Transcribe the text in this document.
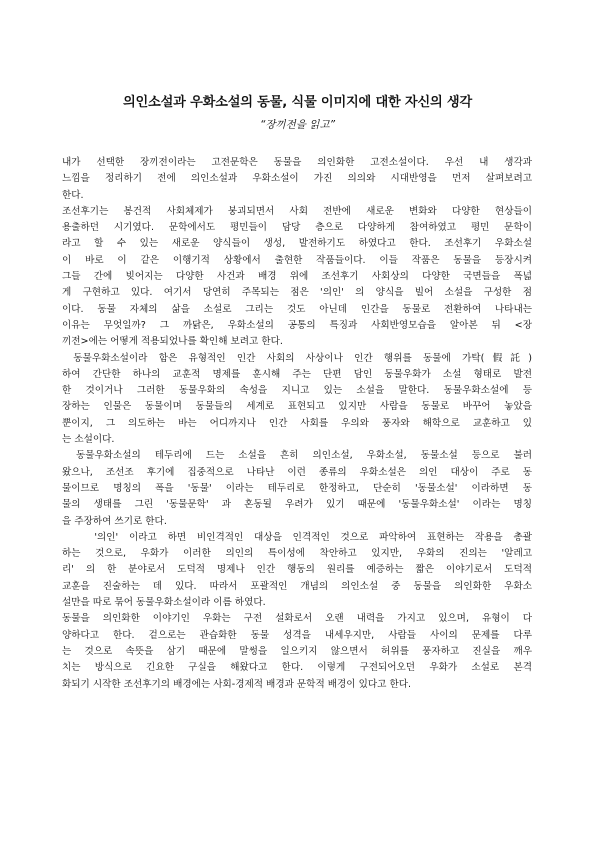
의인소설과 우화소설의 동물, 식물 이미지에 대한 자신의 생각
“장끼전을 읽고”
내가 선택한 장끼전이라는 고전문학은 동물을 의인화한 고전소설이다. 우선 내 생각과
느낌을 정리하기 전에 의인소설과 우화소설이 가진 의의와 시대반영을 먼저 살펴보려고
한다.
조선후기는 봉건적 사회체제가 붕괴되면서 사회 전반에 새로운 변화와 다양한 현상들이
용출하던 시기였다. 문학에서도 평민들이 담당 층으로 다양하게 참여하였고 평민 문학이
라고 할 수 있는 새로운 양식들이 생성, 발전하기도 하였다고 한다. 조선후기 우화소설
이 바로 이 같은 이행기적 상황에서 출현한 작품들이다. 이들 작품은 동물을 등장시켜
그들 간에 빚어지는 다양한 사건과 배경 위에 조선후기 사회상의 다양한 국면들을 폭넓
게 구현하고 있다. 여기서 당연히 주목되는 점은 '의인' 의 양식을 빌어 소설을 구성한 점
이다. 동물 자체의 삶을 소설로 그리는 것도 아닌데 인간을 동물로 전환하여 나타내는
이유는 무엇일까? 그 까닭은, 우화소설의 공통의 특징과 사회반영모습을 알아본 뒤 <장
끼전>에는 어떻게 적용되었나를 확인해 보려고 한다.
동물우화소설이라 함은 유형적인 인간 사회의 사상이나 인간 행위를 동물에 가탁(假託)
하여 간단한 하나의 교훈적 명제를 훈시해 주는 단편 담인 동물우화가 소설 형태로 발전
한 것이거나 그러한 동물우화의 속성을 지니고 있는 소설을 말한다. 동물우화소설에 등
장하는 인물은 동물이며 동물들의 세계로 표현되고 있지만 사람을 동물로 바꾸어 놓았을
뿐이지, 그 의도하는 바는 어디까지나 인간 사회를 우의와 풍자와 해학으로 교훈하고 있
는 소설이다.
동물우화소설의 테두리에 드는 소설을 흔히 의인소설, 우화소설, 동물소설 등으로 불러
왔으나, 조선조 후기에 집중적으로 나타난 이런 종류의 우화소설은 의인 대상이 주로 동
물이므로 명칭의 폭을 '동물' 이라는 테두리로 한정하고, 단순히 '동물소설' 이라하면 동
물의 생태를 그린 '동물문학' 과 혼동될 우려가 있기 때문에 '동물우화소설' 이라는 명칭
을 주장하여 쓰기로 한다.
'의인' 이라고 하면 비인격적인 대상을 인격적인 것으로 파악하여 표현하는 작용을 총괄
하는 것으로, 우화가 이러한 의인의 특이성에 착안하고 있지만, 우화의 진의는 '알레고
리' 의 한 분야로서 도덕적 명제나 인간 행동의 원리를 예증하는 짧은 이야기로서 도덕적
교훈을 진술하는 데 있다. 따라서 포괄적인 개념의 의인소설 중 동물을 의인화한 우화소
설만을 따로 묶어 동물우화소설이라 이름 하였다.
동물을 의인화한 이야기인 우화는 구전 설화로서 오랜 내력을 가지고 있으며, 유형이 다
양하다고 한다. 겉으로는 관습화한 동물 성격을 내세우지만, 사람들 사이의 문제를 다루
는 것으로 속뜻을 삼기 때문에 말썽을 일으키지 않으면서 허위를 풍자하고 진실을 깨우
치는 방식으로 긴요한 구실을 해왔다고 한다. 이렇게 구전되어오던 우화가 소설로 본격
화되기 시작한 조선후기의 배경에는 사회-경제적 배경과 문학적 배경이 있다고 한다.
